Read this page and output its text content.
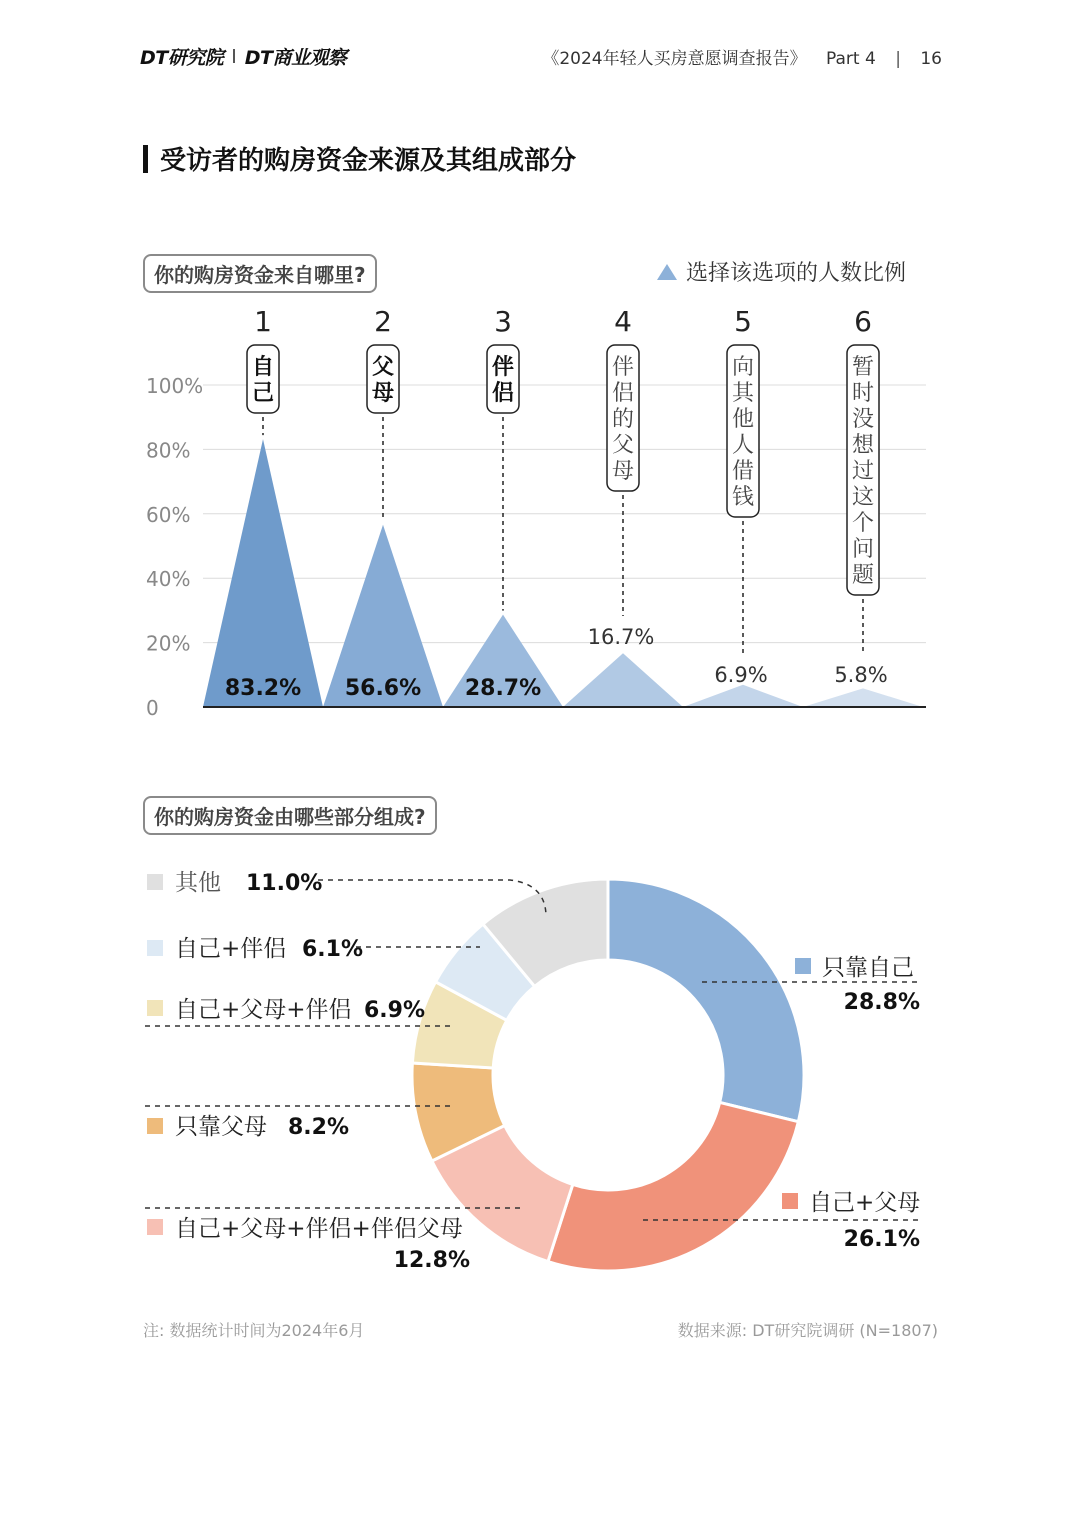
DT研究院 DT商业观察	《2024年轻人买房意愿调查报告》 Part 4 | 16
受访者的购房资金来源及其组成部分
你的购房资金来自哪里?	选择该选项的人数比例
0
20%
40%
60%
80%
100%
1
自己
83.2%
2
父母
56.6%
3
伴侣
28.7%
4
伴侣的父母
16.7%
5
向其他人借钱
6.9%
6
暂时没想过这个问题
5.8%
你的购房资金由哪些部分组成?
只靠自己
28.8%
自己+父母
26.1%
自己+父母+伴侣+伴侣父母
12.8%
只靠父母 8.2%
自己+父母+伴侣 6.9%
自己+伴侣 6.1%
其他 11.0%
注: 数据统计时间为2024年6月	数据来源: DT研究院调研 (N=1807)
